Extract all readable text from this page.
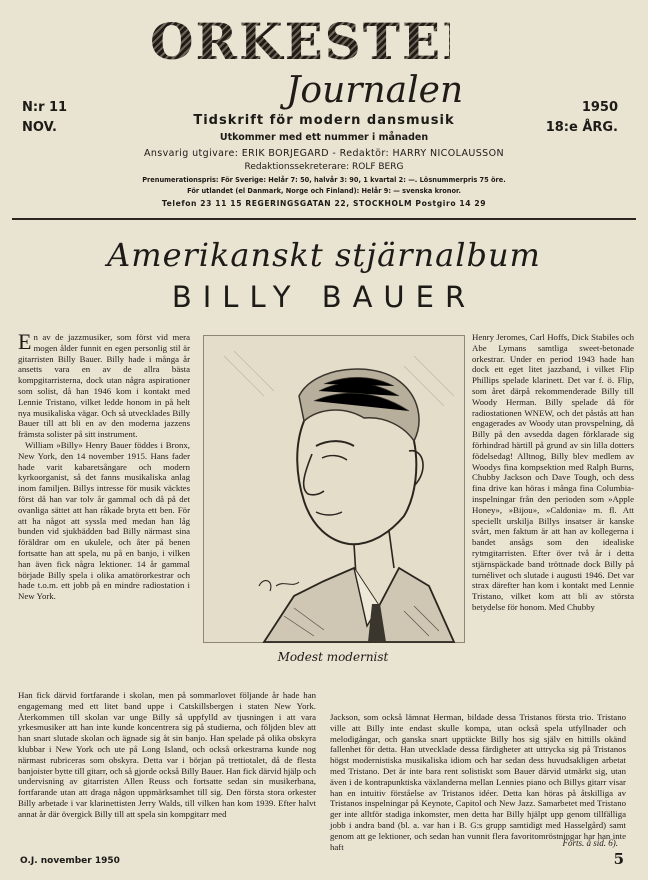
ORKESTER
Journalen
N:r 11
NOV.
1950
18:e ÅRG.
Tidskrift för modern dansmusik
Utkommer med ett nummer i månaden
Ansvarig utgivare: ERIK BORJEGARD - Redaktör: HARRY NICOLAUSSON
Redaktionssekreterare: ROLF BERG
Prenumerationspris: För Sverige: Helår 7: 50, halvår 3: 90, 1 kvartal 2: —. Lösnummerpris 75 öre.
För utlandet (el Danmark, Norge och Finland): Helår 9: — svenska kronor.
Telefon 23 11 15 REGERINGSGATAN 22, STOCKHOLM Postgiro 14 29
Amerikanskt stjärnalbum
BILLY BAUER

En av de jazzmusiker, som först vid mera mogen ålder funnit en egen personlig stil är gitarristen Billy Bauer. Billy hade i många år ansetts vara en av de allra bästa kompgitarristerna, dock utan några aspirationer som solist, då han 1946 kom i kontakt med Lennie Tristano, vilket ledde honom in på helt nya musikaliska vägar. Och så utvecklades Billy Bauer till att bli en av den moderna jazzens främsta solister på sitt instrument.

William »Billy» Henry Bauer föddes i Bronx, New York, den 14 november 1915. Hans fader hade varit kabaretsångare och modern kyrkoorganist, så det fanns musikaliska anlag inom familjen. Billys intresse för musik väcktes först då han var tolv år gammal och då på det ovanliga sättet att han råkade bryta ett ben. För att ha något att syssla med medan han låg bunden vid sjukbädden bad Billy närmast sina föräldrar om en ukulele, och åter på benen fortsatte han att spela, nu på en banjo, i vilken han även fick några lektioner. 14 år gammal började Billy spela i olika amatörorkestrar och hade t.o.m. ett jobb på en mindre radiostation i New York.

Modest modernist

Henry Jeromes, Carl Hoffs, Dick Stabiles och Abe Lymans samtliga sweet-betonade orkestrar. Under en period 1943 hade han dock ett eget litet jazzband, i vilket Flip Phillips spelade klarinett. Det var f. ö. Flip, som året därpå rekommenderade Billy till Woody Herman. Billy spelade då för radiostationen WNEW, och det påstås att han engagerades av Woody utan provspelning, då Billy på den avsedda dagen förklarade sig förhindrad härtill på grund av sin lilla dotters födelsedag! Alltnog, Billy blev medlem av Woodys fina kompsektion med Ralph Burns, Chubby Jackson och Dave Tough, och dess fina drive kan höras i många fina Columbia-inspelningar från den perioden som »Apple Honey», »Bijou», »Caldonia» m. fl. Att speciellt urskilja Billys insatser är kanske svårt, men faktum är att han av kollegerna i bandet ansågs som den idealiske rytmgitarristen. Efter över två år i detta stjärnspäckade band tröttnade dock Billy på turnélivet och slutade i augusti 1946. Det var strax därefter han kom i kontakt med Lennie Tristano, vilket kom att bli av största betydelse för honom. Med Chubby

Han fick därvid fortfarande i skolan, men på sommarlovet följande år hade han engagemang med ett litet band uppe i Catskillsbergen i staten New York. Återkommen till skolan var unge Billy så uppfylld av tjusningen i att vara yrkesmusiker att han inte kunde koncentrera sig på studierna, och följden blev att han snart slutade skolan och ägnade sig åt sin banjo. Han spelade på olika obskyra klubbar i New York och ute på Long Island, och också orkestrarna kunde nog närmast rubriceras som obskyra. Detta var i början på trettiotalet, då de flesta banjoister bytte till gitarr, och så gjorde också Billy Bauer. Han fick därvid hjälp och undervisning av gitarristen Allen Reuss och fortsatte sedan sin musikerbana, fortfarande utan att draga någon uppmärksamhet till sig. Den första stora orkester Billy arbetade i var klarinettisten Jerry Walds, till vilken han kom 1939. Efter halvt annat år där övergick Billy till att spela sin kompgitarr med

Jackson, som också lämnat Herman, bildade dessa Tristanos första trio. Tristano ville att Billy inte endast skulle kompa, utan också spela utfyllnader och melodigångar, och ganska snart upptäckte Billy hos sig själv en hittills okänd fallenhet för detta. Han utvecklade dessa färdigheter att uttrycka sig på Tristanos högst modernistiska musikaliska idiom och har sedan dess huvudsakligen arbetat med Tristano. Det är inte bara rent solistiskt som Bauer därvid utmärkt sig, utan även i de kontrapunktiska växlanderna mellan Lennies piano och Billys gitarr visar han en intuitiv förståelse av Tristanos idéer. Detta kan höras på åtskilliga av Tristanos inspelningar på Keynote, Capitol och New Jazz. Samarbetet med Tristano ger inte alltför stadiga inkomster, men detta har Billy hjälpt upp genom tillfälliga jobb i andra band (bl. a. var han i B. G:s grupp samtidigt med Hasselgård) samt genom att ge lektioner, och sedan han vunnit flera favoritomröstningar har han inte haft	Forts. å sid. 6).
O.J. november 1950	5
